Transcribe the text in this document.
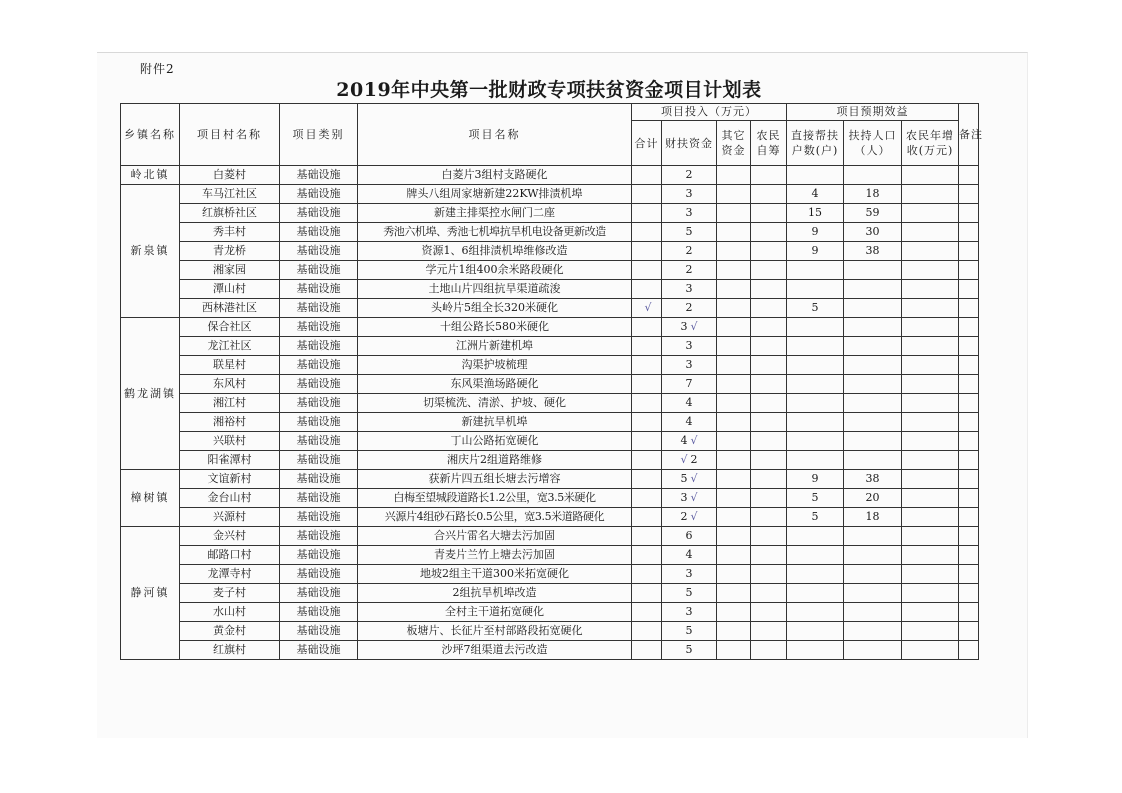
附件2
2019年中央第一批财政专项扶贫资金项目计划表
乡镇名称	项目村名称	项目类别	项目名称	项目投入（万元）				项目预期效益			备注
				合计	财扶资金	其它资金	农民自筹	直接帮扶户数(户)	扶持人口（人）	农民年增收(万元)	
岭北镇	白菱村	基础设施	白菱片3组村支路硬化		2						
新泉镇	车马江社区	基础设施	牌头八组周家塘新建22KW排渍机埠		3			4	18		
	红旗桥社区	基础设施	新建主排渠控水闸门二座		3			15	59		
	秀丰村	基础设施	秀池六机埠、秀池七机埠抗旱机电设备更新改造		5			9	30		
	青龙桥	基础设施	资源1、6组排渍机埠维修改造		2			9	38		
	湘家园	基础设施	学元片1组400余米路段硬化		2						
	潭山村	基础设施	土地山片四组抗旱渠道疏浚		3						
	西林港社区	基础设施	头岭片5组全长320米硬化	√	2			5			
鹤龙湖镇	保合社区	基础设施	十组公路长580米硬化		3 √						
	龙江社区	基础设施	江洲片新建机埠		3						
	联星村	基础设施	沟渠护坡梳理		3						
	东风村	基础设施	东风渠渔场路硬化		7						
	湘江村	基础设施	切渠梳洗、清淤、护坡、硬化		4						
	湘裕村	基础设施	新建抗旱机埠		4						
	兴联村	基础设施	丁山公路拓宽硬化		4 √						
	阳雀潭村	基础设施	湘庆片2组道路维修		√ 2						
樟树镇	文谊新村	基础设施	获新片四五组长塘去污增容		5 √			9	38		
	金台山村	基础设施	白梅至望城段道路长1.2公里，宽3.5米硬化		3 √			5	20		
	兴源村	基础设施	兴源片4组砂石路长0.5公里，宽3.5米道路硬化		2 √			5	18		
静河镇	金兴村	基础设施	合兴片雷名大塘去污加固		6						
	邮路口村	基础设施	青麦片兰竹上塘去污加固		4						
	龙潭寺村	基础设施	地坡2组主干道300米拓宽硬化		3						
	麦子村	基础设施	2组抗旱机埠改造		5						
	水山村	基础设施	全村主干道拓宽硬化		3						
	黄金村	基础设施	板塘片、长征片至村部路段拓宽硬化		5						
	红旗村	基础设施	沙坪7组渠道去污改造		5						
